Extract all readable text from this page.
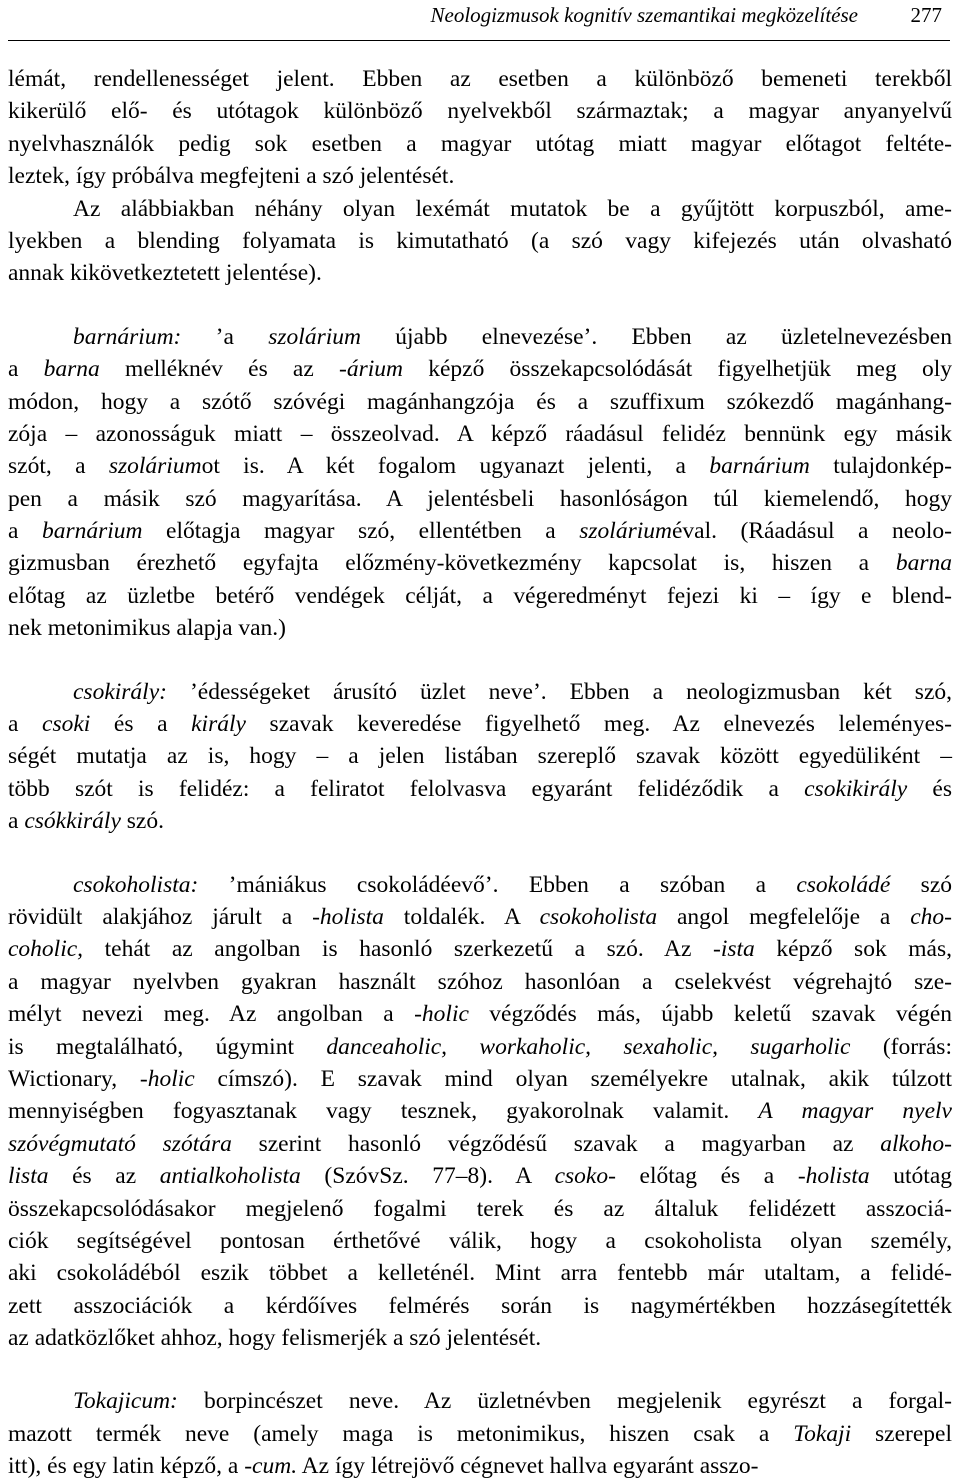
Neologizmusok kognitív szemantikai megközelítése	277
lémát, rendellenességet jelent. Ebben az esetben a különböző bemeneti terekből
kikerülő elő- és utótagok különböző nyelvekből származtak; a magyar anyanyelvű
nyelvhasználók pedig sok esetben a magyar utótag miatt magyar előtagot feltéte-
leztek, így próbálva megfejteni a szó jelentését.
Az alábbiakban néhány olyan lexémát mutatok be a gyűjtött korpuszból, ame-
lyekben a blending folyamata is kimutatható (a szó vagy kifejezés után olvasható
annak kikövetkeztetett jelentése).
barnárium: ’a szolárium újabb elnevezése’. Ebben az üzletelnevezésben
a barna melléknév és az -árium képző összekapcsolódását figyelhetjük meg oly
módon, hogy a szótő szóvégi magánhangzója és a szuffixum szókezdő magánhang-
zója – azonosságuk miatt – összeolvad. A képző ráadásul felidéz bennünk egy másik
szót, a szoláriumot is. A két fogalom ugyanazt jelenti, a barnárium tulajdonkép-
pen a másik szó magyarítása. A jelentésbeli hasonlóságon túl kiemelendő, hogy
a barnárium előtagja magyar szó, ellentétben a szoláriuméval. (Ráadásul a neolo-
gizmusban érezhető egyfajta előzmény-következmény kapcsolat is, hiszen a barna
előtag az üzletbe betérő vendégek célját, a végeredményt fejezi ki – így e blend-
nek metonimikus alapja van.)
csokirály: ’édességeket árusító üzlet neve’. Ebben a neologizmusban két szó,
a csoki és a király szavak keveredése figyelhető meg. Az elnevezés leleményes-
ségét mutatja az is, hogy – a jelen listában szereplő szavak között egyedüliként –
több szót is felidéz: a feliratot felolvasva egyaránt felidéződik a csokikirály és
a csókkirály szó.
csokoholista: ’mániákus csokoládéevő’. Ebben a szóban a csokoládé szó
rövidült alakjához járult a -holista toldalék. A csokoholista angol megfelelője a cho-
coholic, tehát az angolban is hasonló szerkezetű a szó. Az -ista képző sok más,
a magyar nyelvben gyakran használt szóhoz hasonlóan a cselekvést végrehajtó sze-
mélyt nevezi meg. Az angolban a -holic végződés más, újabb keletű szavak végén
is megtalálható, úgymint danceaholic, workaholic, sexaholic, sugarholic (forrás:
Wictionary, -holic címszó). E szavak mind olyan személyekre utalnak, akik túlzott
mennyiségben fogyasztanak vagy tesznek, gyakorolnak valamit. A magyar nyelv
szóvégmutató szótára szerint hasonló végződésű szavak a magyarban az alkoho-
lista és az antialkoholista (SzóvSz. 77–8). A csoko- előtag és a -holista utótag
összekapcsolódásakor megjelenő fogalmi terek és az általuk felidézett asszociá-
ciók segítségével pontosan érthetővé válik, hogy a csokoholista olyan személy,
aki csokoládéból eszik többet a kelleténél. Mint arra fentebb már utaltam, a felidé-
zett asszociációk a kérdőíves felmérés során is nagymértékben hozzásegítették
az adatközlőket ahhoz, hogy felismerjék a szó jelentését.
Tokajicum: borpincészet neve. Az üzletnévben megjelenik egyrészt a forgal-
mazott termék neve (amely maga is metonimikus, hiszen csak a Tokaji szerepel
itt), és egy latin képző, a -cum. Az így létrejövő cégnevet hallva egyaránt asszo-
